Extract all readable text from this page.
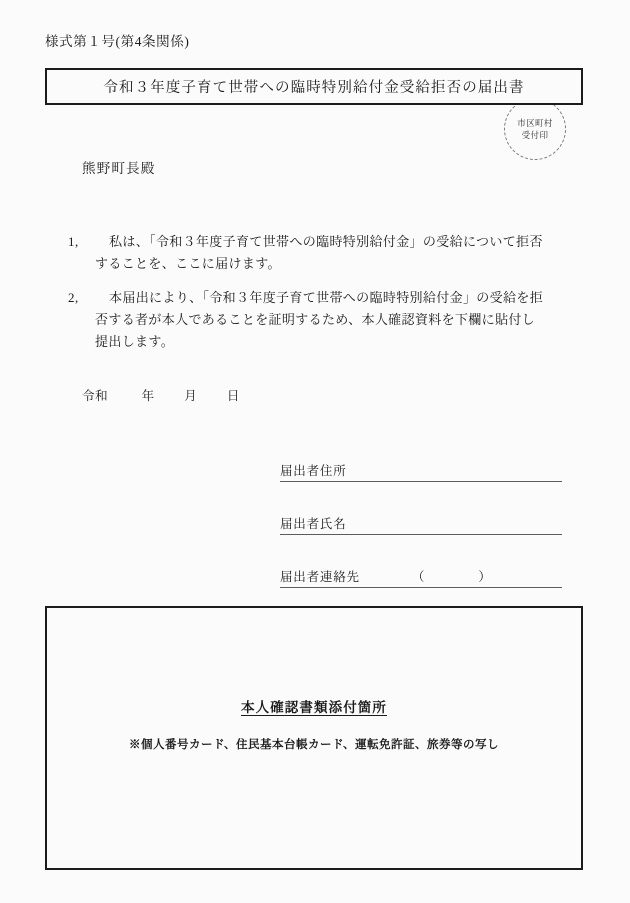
様式第１号(第4条関係)
市区町村
受付印
令和３年度子育て世帯への臨時特別給付金受給拒否の届出書
熊野町長殿
1,	私は、「令和３年度子育て世帯への臨時特別給付金」の受給について拒否
することを、ここに届けます。
2,	本届出により、「令和３年度子育て世帯への臨時特別給付金」の受給を拒
否する者が本人であることを証明するため、本人確認資料を下欄に貼付し
提出します。
令和	年 月 日
届出者住所
届出者氏名
届出者連絡先	（　　　　）
本人確認書類添付箇所
※個人番号カード、住民基本台帳カード、運転免許証、旅券等の写し
